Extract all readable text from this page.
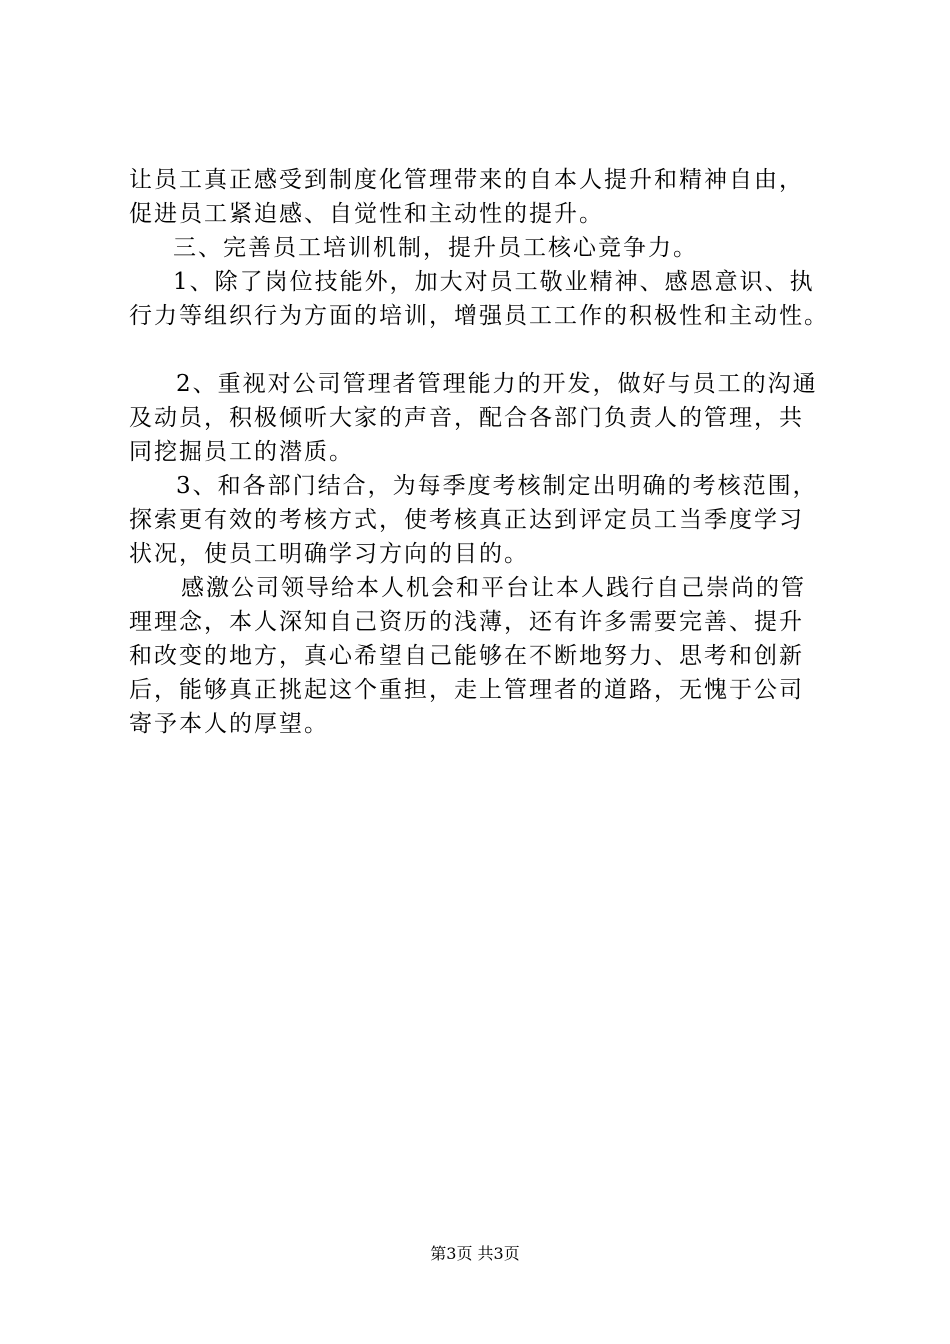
让员工真正感受到制度化管理带来的自本人提升和精神自由，
促进员工紧迫感、自觉性和主动性的提升。
三、完善员工培训机制，提升员工核心竞争力。
1、除了岗位技能外，加大对员工敬业精神、感恩意识、执
行力等组织行为方面的培训，增强员工工作的积极性和主动性。
2、重视对公司管理者管理能力的开发，做好与员工的沟通
及动员，积极倾听大家的声音，配合各部门负责人的管理，共
同挖掘员工的潜质。
3、和各部门结合，为每季度考核制定出明确的考核范围，
探索更有效的考核方式，使考核真正达到评定员工当季度学习
状况，使员工明确学习方向的目的。
感激公司领导给本人机会和平台让本人践行自己崇尚的管
理理念，本人深知自己资历的浅薄，还有许多需要完善、提升
和改变的地方，真心希望自己能够在不断地努力、思考和创新
后，能够真正挑起这个重担，走上管理者的道路，无愧于公司
寄予本人的厚望。
第3页 共3页
